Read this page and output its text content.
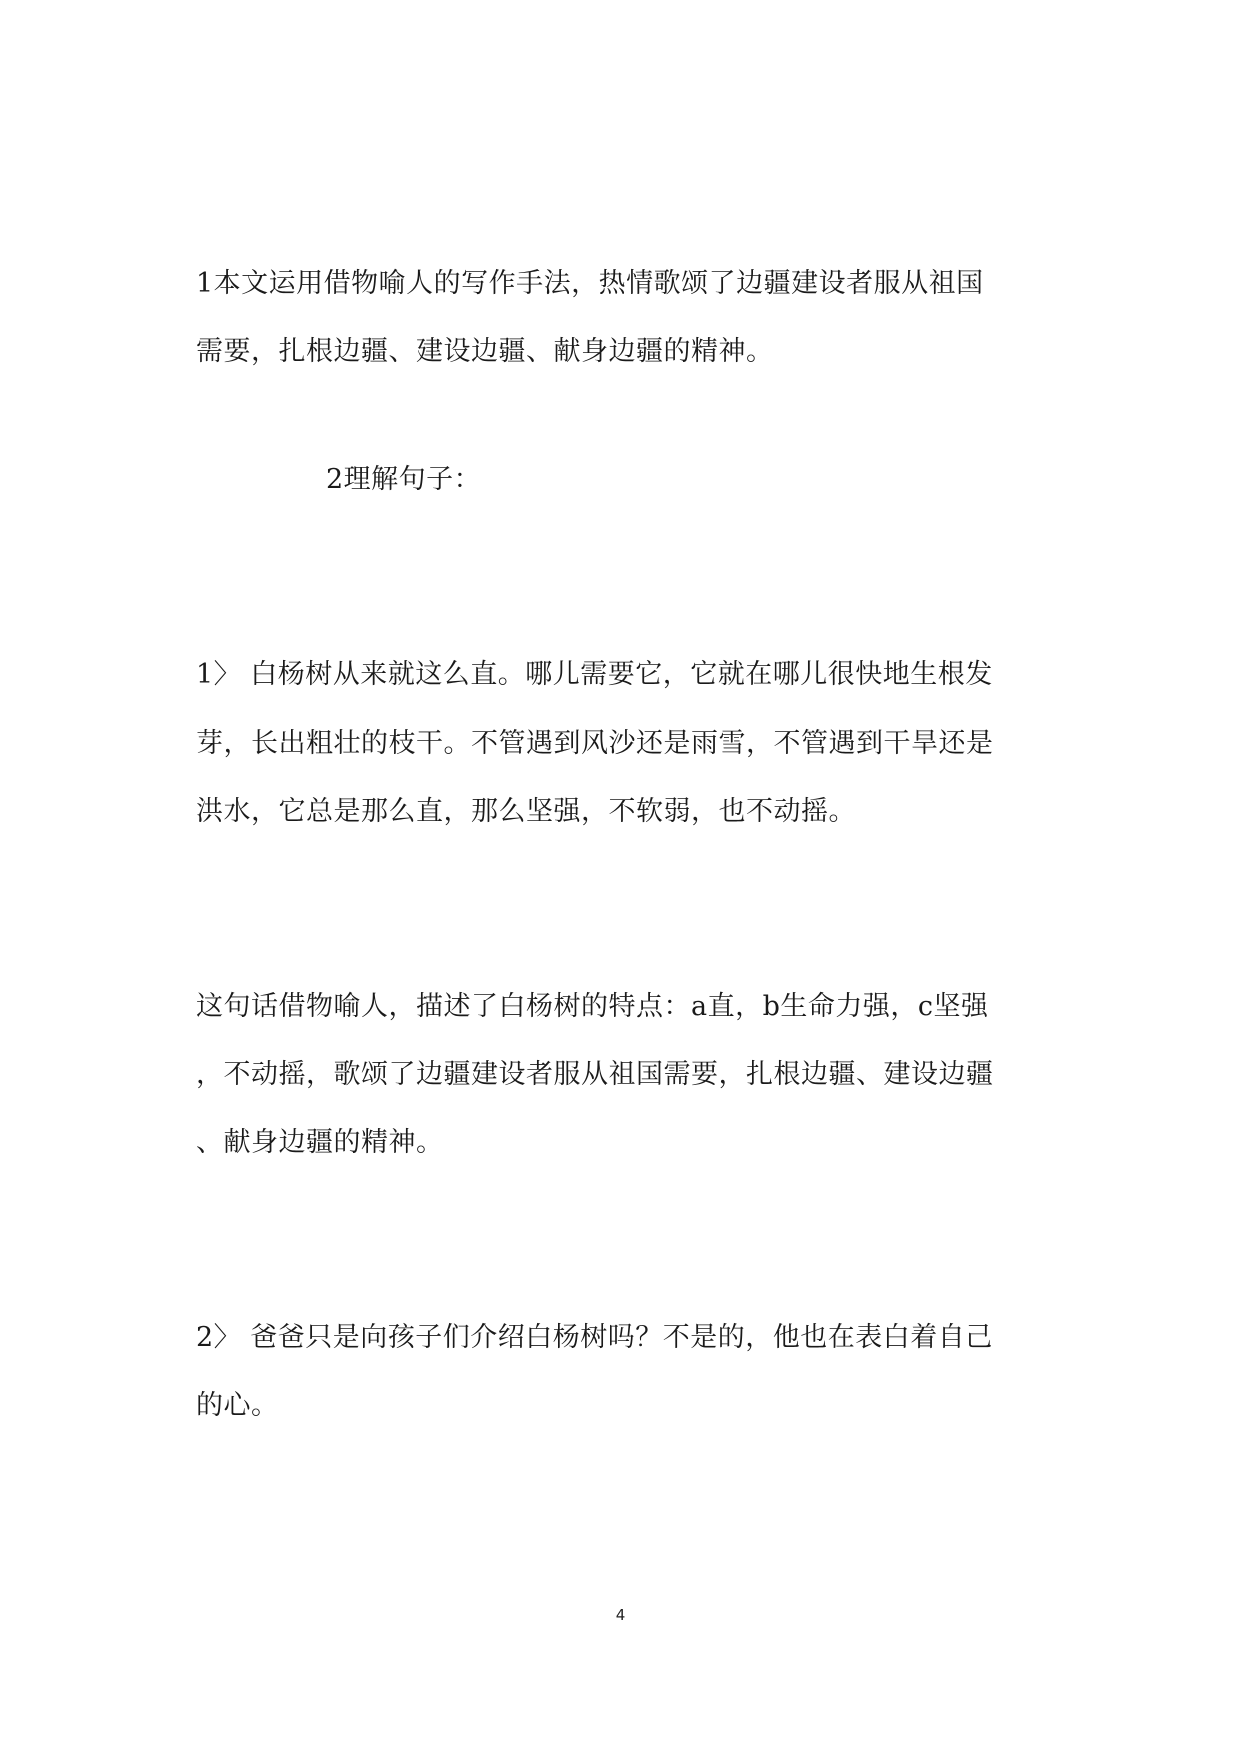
1本文运用借物喻人的写作手法，热情歌颂了边疆建设者服从祖国
需要，扎根边疆、建设边疆、献身边疆的精神。
2理解句子：
1〉 白杨树从来就这么直。哪儿需要它，它就在哪儿很快地生根发
芽，长出粗壮的枝干。不管遇到风沙还是雨雪，不管遇到干旱还是
洪水，它总是那么直，那么坚强，不软弱，也不动摇。
这句话借物喻人，描述了白杨树的特点：a直，b生命力强，c坚强
，不动摇，歌颂了边疆建设者服从祖国需要，扎根边疆、建设边疆
、献身边疆的精神。
2〉 爸爸只是向孩子们介绍白杨树吗？不是的，他也在表白着自己
的心。
4
